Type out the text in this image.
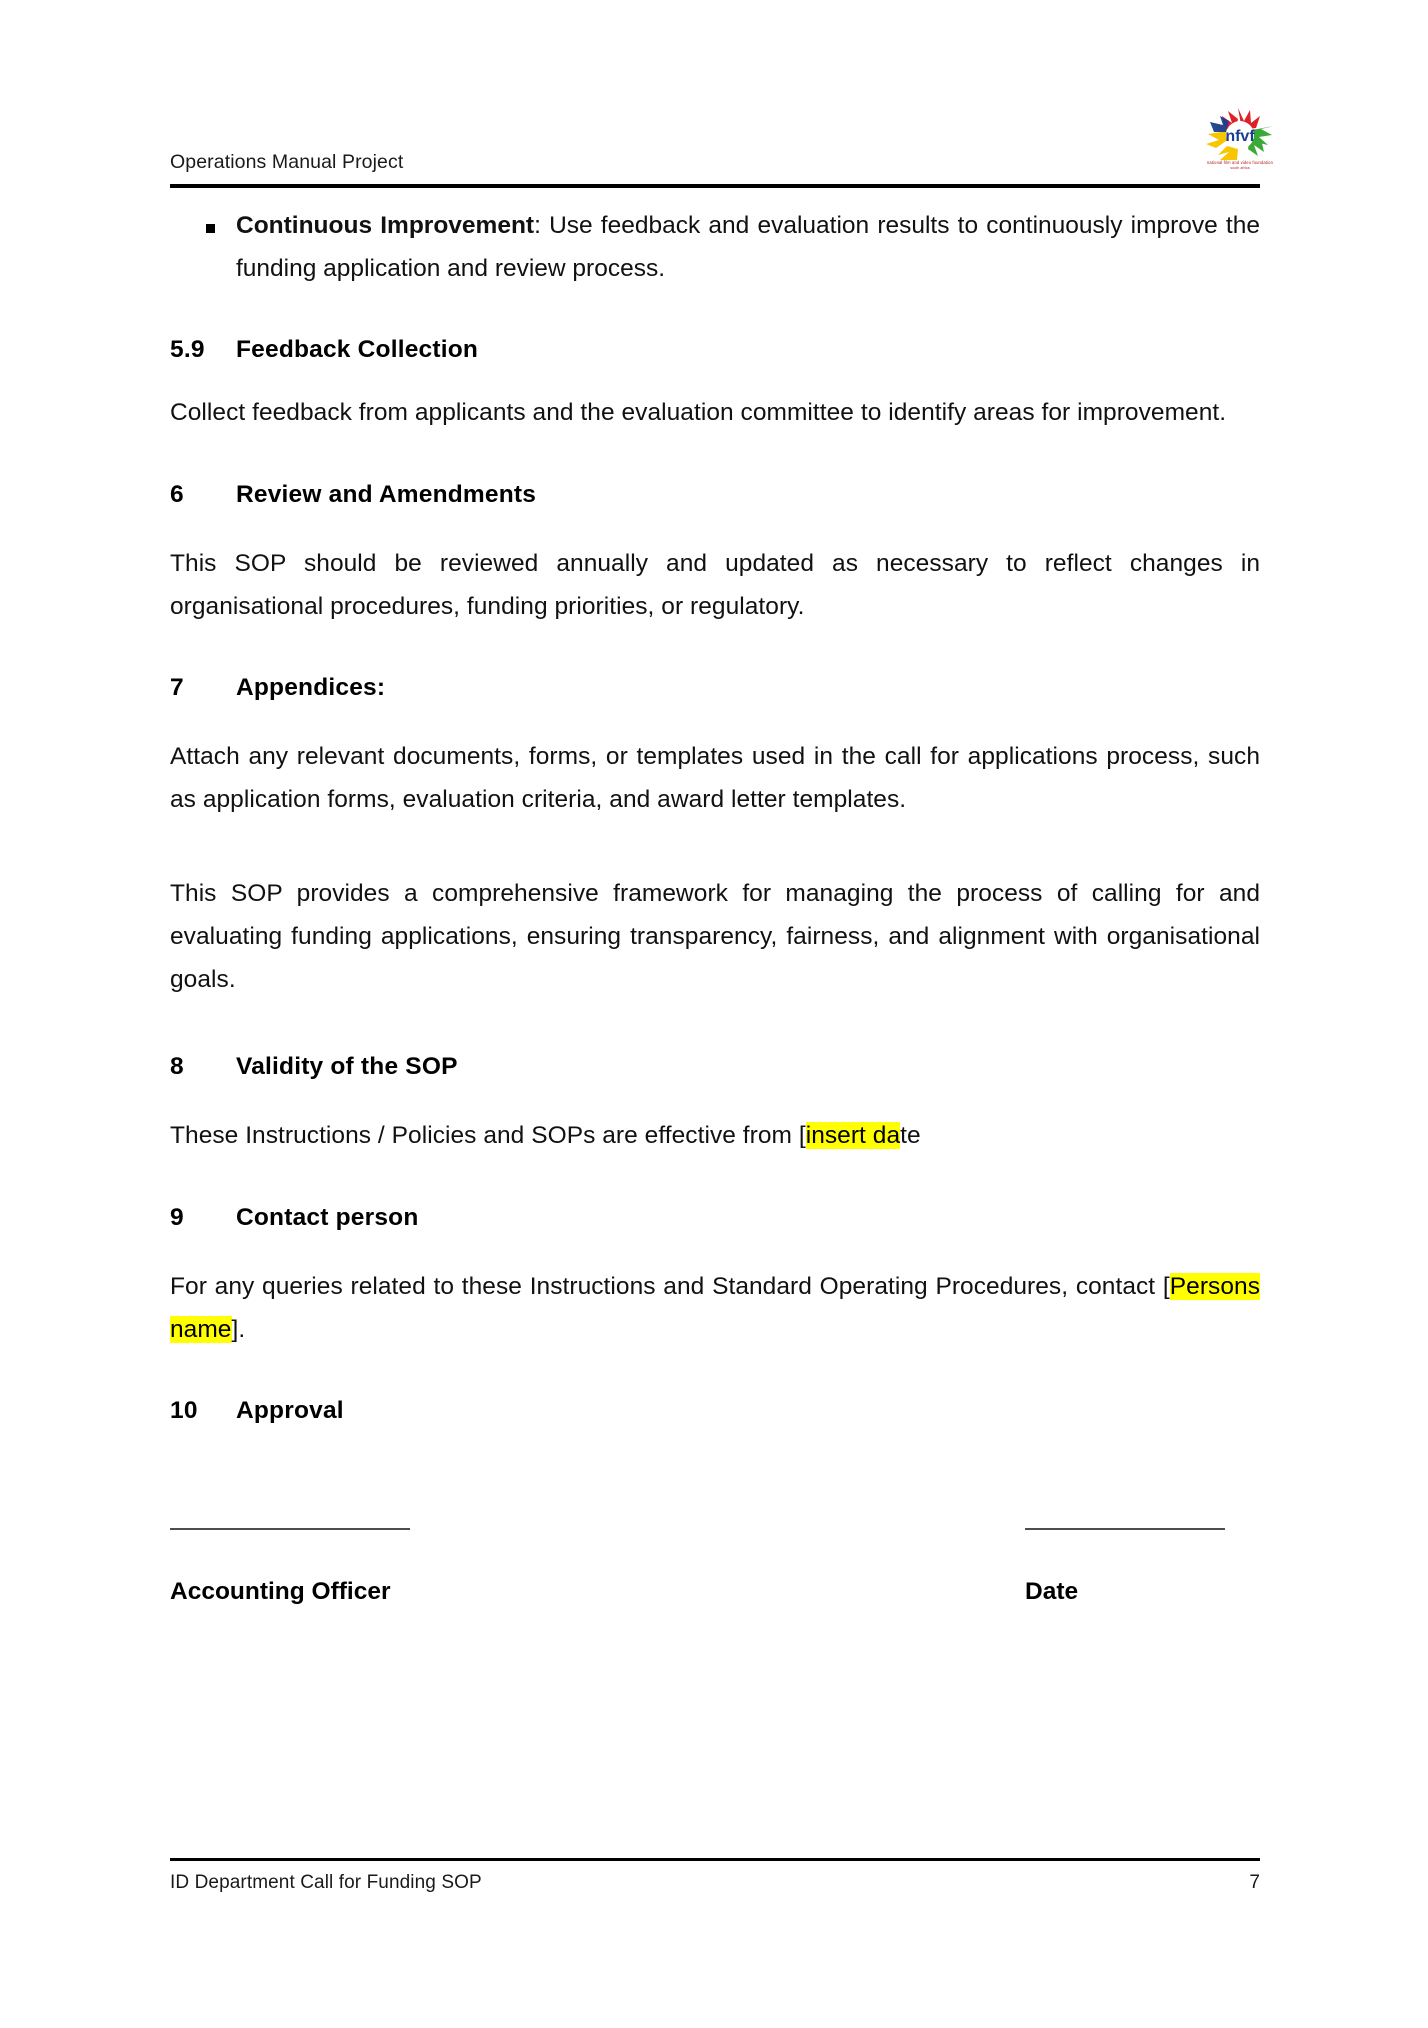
Operations Manual Project
nfvf
national film and video foundation
south africa
Continuous Improvement: Use feedback and evaluation results to continuously improve the funding application and review process.
5.9	Feedback Collection

Collect feedback from applicants and the evaluation committee to identify areas for improvement.

6	Review and Amendments

This SOP should be reviewed annually and updated as necessary to reflect changes in organisational procedures, funding priorities, or regulatory.

7	Appendices:

Attach any relevant documents, forms, or templates used in the call for applications process, such as application forms, evaluation criteria, and award letter templates.

This SOP provides a comprehensive framework for managing the process of calling for and evaluating funding applications, ensuring transparency, fairness, and alignment with organisational goals.

8	Validity of the SOP

These Instructions / Policies and SOPs are effective from [insert date

9	Contact person

For any queries related to these Instructions and Standard Operating Procedures, contact [Persons name].

10	Approval
Accounting Officer	Date
ID Department Call for Funding SOP	7
